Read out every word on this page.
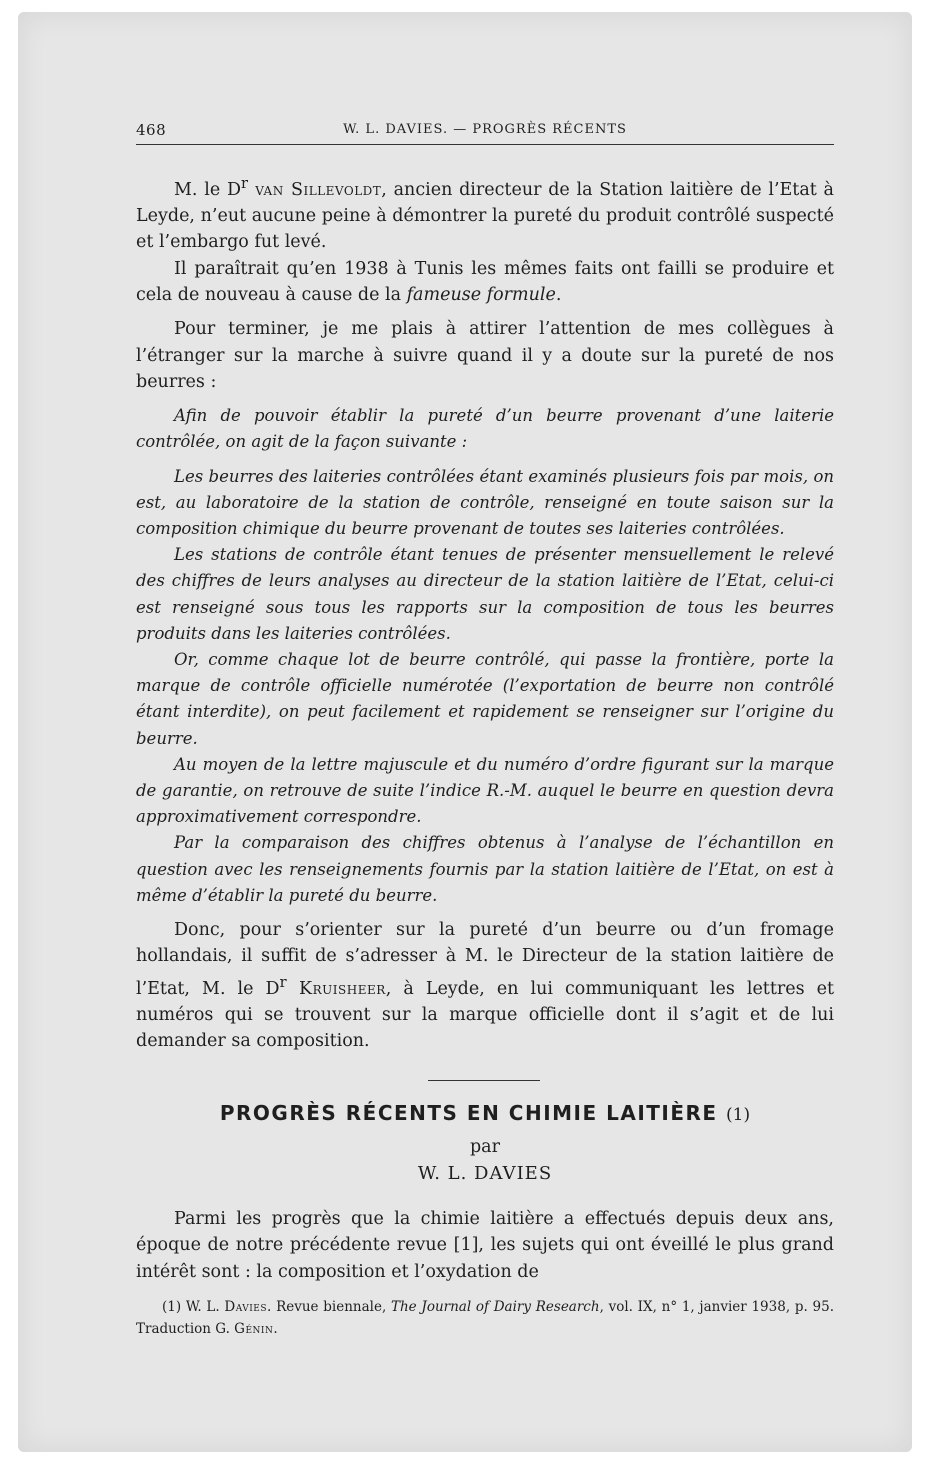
468	W. L. DAVIES. — PROGRÈS RÉCENTS

M. le $D^r$ van Sillevoldt, ancien directeur de la Station laitière de l’Etat à Leyde, n’eut aucune peine à démontrer la pureté du produit contrôlé suspecté et l’embargo fut levé.

Il paraîtrait qu’en 1938 à Tunis les mêmes faits ont failli se produire et cela de nouveau à cause de la fameuse formule.

Pour terminer, je me plais à attirer l’attention de mes collègues à l’étranger sur la marche à suivre quand il y a doute sur la pureté de nos beurres :

Afin de pouvoir établir la pureté d’un beurre provenant d’une laiterie contrôlée, on agit de la façon suivante :

Les beurres des laiteries contrôlées étant examinés plusieurs fois par mois, on est, au laboratoire de la station de contrôle, renseigné en toute saison sur la composition chimique du beurre provenant de toutes ses laiteries contrôlées.

Les stations de contrôle étant tenues de présenter mensuellement le relevé des chiffres de leurs analyses au directeur de la station laitière de l’Etat, celui-ci est renseigné sous tous les rapports sur la composition de tous les beurres produits dans les laiteries contrôlées.

Or, comme chaque lot de beurre contrôlé, qui passe la frontière, porte la marque de contrôle officielle numérotée (l’exportation de beurre non contrôlé étant interdite), on peut facilement et rapidement se renseigner sur l’origine du beurre.

Au moyen de la lettre majuscule et du numéro d’ordre figurant sur la marque de garantie, on retrouve de suite l’indice R.-M. auquel le beurre en question devra approximativement correspondre.

Par la comparaison des chiffres obtenus à l’analyse de l’échantillon en question avec les renseignements fournis par la station laitière de l’Etat, on est à même d’établir la pureté du beurre.

Donc, pour s’orienter sur la pureté d’un beurre ou d’un fromage hollandais, il suffit de s’adresser à M. le Directeur de la station laitière de l’Etat, M. le $D^r$ Kruisheer, à Leyde, en lui communiquant les lettres et numéros qui se trouvent sur la marque officielle dont il s’agit et de lui demander sa composition.

PROGRÈS RÉCENTS EN CHIMIE LAITIÈRE (1)
par
W. L. DAVIES

Parmi les progrès que la chimie laitière a effectués depuis deux ans, époque de notre précédente revue [1], les sujets qui ont éveillé le plus grand intérêt sont : la composition et l’oxydation de

(1) W. L. Davies. Revue biennale, The Journal of Dairy Research, vol. IX, n° 1, janvier 1938, p. 95. Traduction G. Génin.
